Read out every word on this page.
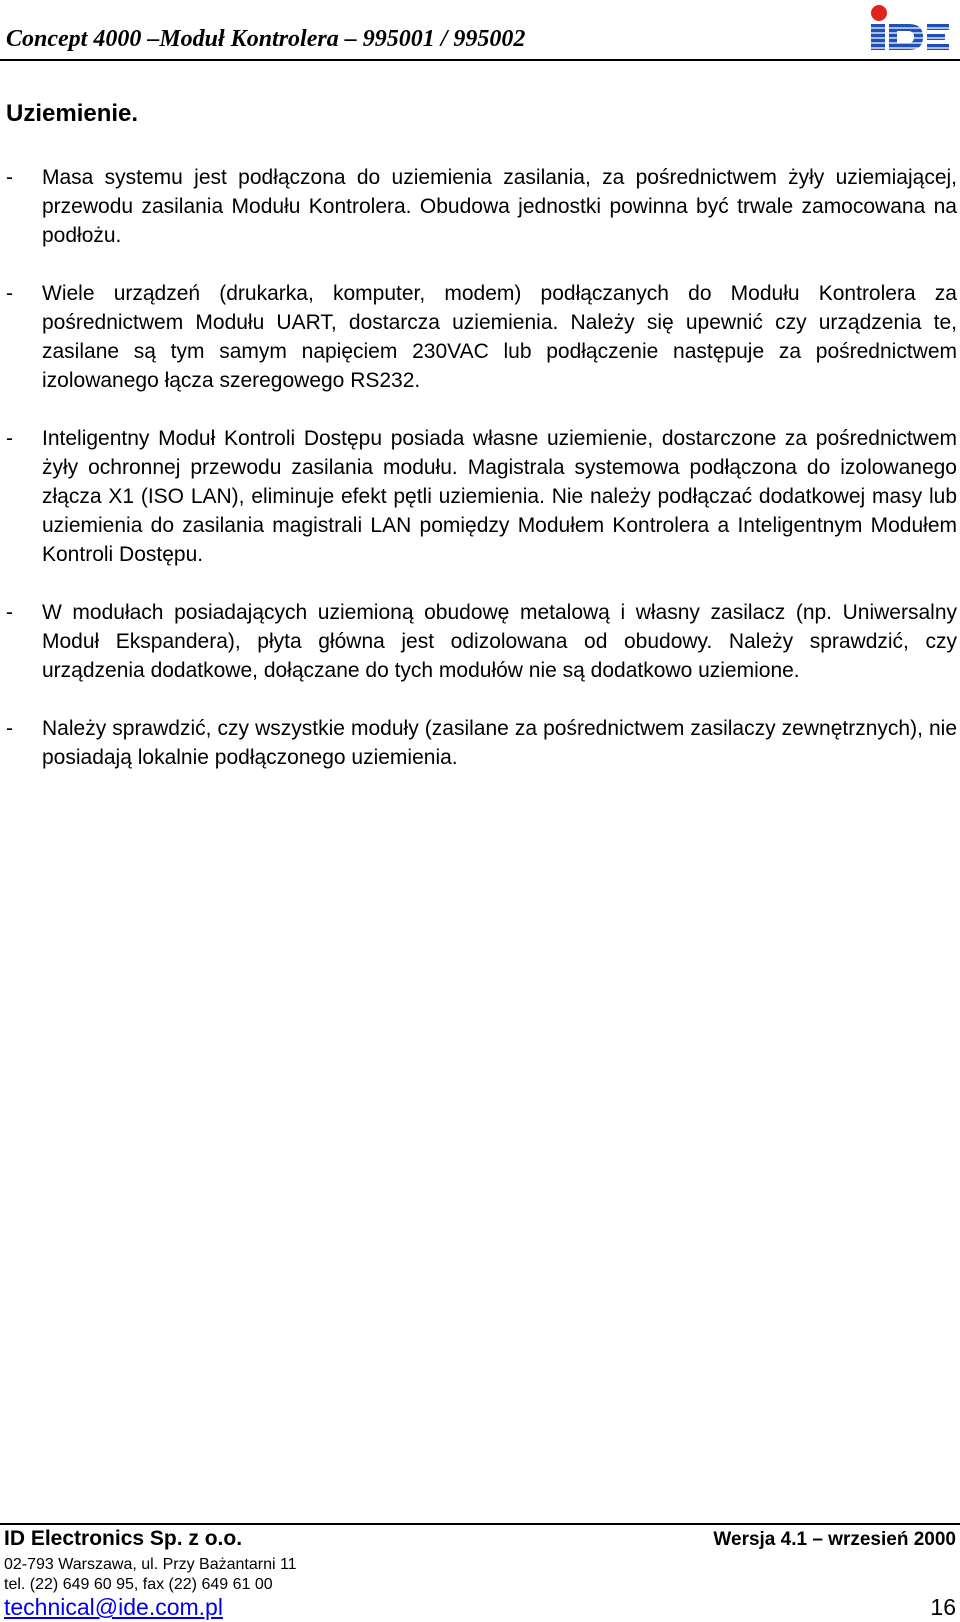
Concept 4000 –Moduł Kontrolera – 995001 / 995002
Uziemienie.
- Masa systemu jest podłączona do uziemienia zasilania, za pośrednictwem żyły uziemiającej, przewodu zasilania Modułu Kontrolera. Obudowa jednostki powinna być trwale zamocowana na podłożu.

- Wiele urządzeń (drukarka, komputer, modem) podłączanych do Modułu Kontrolera za pośrednictwem Modułu UART, dostarcza uziemienia. Należy się upewnić czy urządzenia te, zasilane są tym samym napięciem 230VAC lub podłączenie następuje za pośrednictwem izolowanego łącza szeregowego RS232.

- Inteligentny Moduł Kontroli Dostępu posiada własne uziemienie, dostarczone za pośrednictwem żyły ochronnej przewodu zasilania modułu. Magistrala systemowa podłączona do izolowanego złącza X1 (ISO LAN), eliminuje efekt pętli uziemienia. Nie należy podłączać dodatkowej masy lub uziemienia do zasilania magistrali LAN pomiędzy Modułem Kontrolera a Inteligentnym Modułem Kontroli Dostępu.

- W modułach posiadających uziemioną obudowę metalową i własny zasilacz (np. Uniwersalny Moduł Ekspandera), płyta główna jest odizolowana od obudowy. Należy sprawdzić, czy urządzenia dodatkowe, dołączane do tych modułów nie są dodatkowo uziemione.

- Należy sprawdzić, czy wszystkie moduły (zasilane za pośrednictwem zasilaczy zewnętrznych), nie posiadają lokalnie podłączonego uziemienia.

ID Electronics Sp. z o.o.	Wersja 4.1 – wrzesień 2000
02-793 Warszawa, ul. Przy Bażantarni 11
tel. (22) 649 60 95, fax (22) 649 61 00
technical@ide.com.pl	16
